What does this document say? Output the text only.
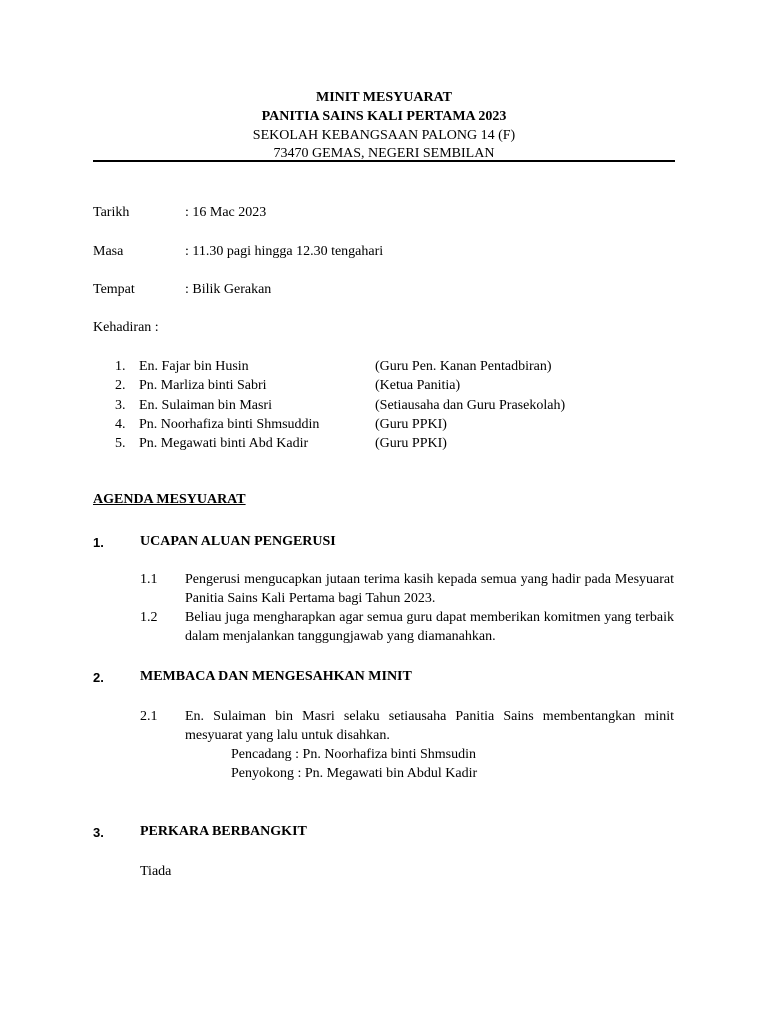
MINIT MESYUARAT
PANITIA SAINS KALI PERTAMA 2023
SEKOLAH KEBANGSAAN PALONG 14 (F)
73470 GEMAS, NEGERI SEMBILAN
Tarikh	: 16 Mac 2023
Masa	: 11.30 pagi hingga 12.30 tengahari
Tempat	: Bilik Gerakan
Kehadiran :
1. En. Fajar bin Husin	(Guru Pen. Kanan Pentadbiran)
2. Pn. Marliza binti Sabri	(Ketua Panitia)
3. En. Sulaiman bin Masri	(Setiausaha dan Guru Prasekolah)
4. Pn. Noorhafiza binti Shmsuddin	(Guru PPKI)
5. Pn. Megawati binti Abd Kadir	(Guru PPKI)
AGENDA MESYUARAT
1.	UCAPAN ALUAN PENGERUSI
1.1 Pengerusi mengucapkan jutaan terima kasih kepada semua yang hadir pada Mesyuarat Panitia Sains Kali Pertama bagi Tahun 2023.
1.2 Beliau juga mengharapkan agar semua guru dapat memberikan komitmen yang terbaik dalam menjalankan tanggungjawab yang diamanahkan.
2.	MEMBACA DAN MENGESAHKAN MINIT
2.1 En. Sulaiman bin Masri selaku setiausaha Panitia Sains membentangkan minit mesyuarat yang lalu untuk disahkan.
Pencadang : Pn. Noorhafiza binti Shmsudin
Penyokong : Pn. Megawati bin Abdul Kadir
3.	PERKARA BERBANGKIT
Tiada
